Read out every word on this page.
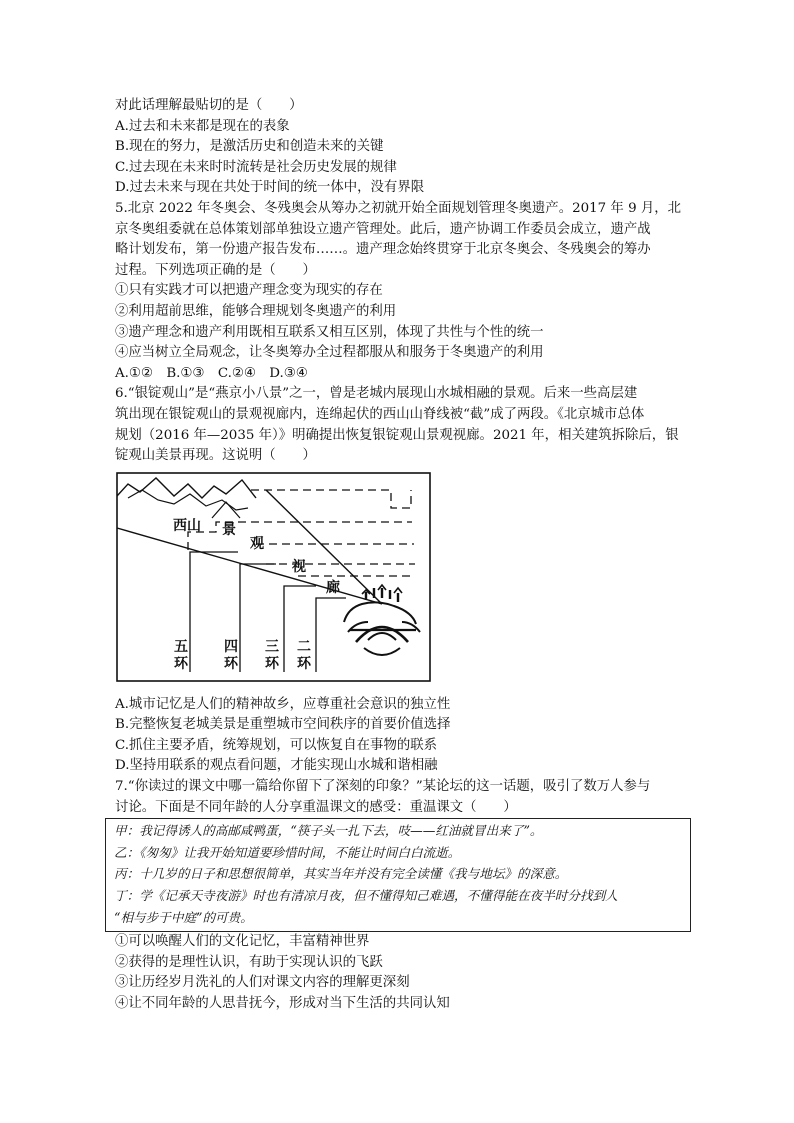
对此话理解最贴切的是（　　）

A.过去和未来都是现在的表象

B.现在的努力，是激活历史和创造未来的关键

C.过去现在未来时时流转是社会历史发展的规律

D.过去未来与现在共处于时间的统一体中，没有界限

5.北京 2022 年冬奥会、冬残奥会从筹办之初就开始全面规划管理冬奥遗产。2017 年 9 月，北

京冬奥组委就在总体策划部单独设立遗产管理处。此后，遗产协调工作委员会成立，遗产战

略计划发布，第一份遗产报告发布……。遗产理念始终贯穿于北京冬奥会、冬残奥会的筹办

过程。下列选项正确的是（　　）

①只有实践才可以把遗产理念变为现实的存在

②利用超前思维，能够合理规划冬奥遗产的利用

③遗产理念和遗产利用既相互联系又相互区别，体现了共性与个性的统一

④应当树立全局观念，让冬奥筹办全过程都服从和服务于冬奥遗产的利用

A.①②　B.①③　C.②④　D.③④

6.“银锭观山”是“燕京小八景”之一，曾是老城内展现山水城相融的景观。后来一些高层建

筑出现在银锭观山的景观视廊内，连绵起伏的西山山脊线被“截”成了两段。《北京城市总体

规划（2016 年—2035 年）》明确提出恢复银锭观山景观视廊。2021 年，相关建筑拆除后，银

锭观山美景再现。这说明（　　）

西山 景
观
视
廊
五
环
四
环
三
环
二
环

A.城市记忆是人们的精神故乡，应尊重社会意识的独立性

B.完整恢复老城美景是重塑城市空间秩序的首要价值选择

C.抓住主要矛盾，统筹规划，可以恢复自在事物的联系

D.坚持用联系的观点看问题，才能实现山水城和谐相融

7.“你读过的课文中哪一篇给你留下了深刻的印象？”某论坛的这一话题，吸引了数万人参与

讨论。下面是不同年龄的人分享重温课文的感受：重温课文（　　）

甲：我记得诱人的高邮咸鸭蛋，“筷子头一扎下去，吱——红油就冒出来了”。

乙：《匆匆》让我开始知道要珍惜时间，不能让时间白白流逝。

丙：十几岁的日子和思想很简单，其实当年并没有完全读懂《我与地坛》的深意。

丁：学《记承天寺夜游》时也有清凉月夜，但不懂得知己难遇，不懂得能在夜半时分找到人

“相与步于中庭”的可贵。

①可以唤醒人们的文化记忆，丰富精神世界

②获得的是理性认识，有助于实现认识的飞跃

③让历经岁月洗礼的人们对课文内容的理解更深刻

④让不同年龄的人思昔抚今，形成对当下生活的共同认知
